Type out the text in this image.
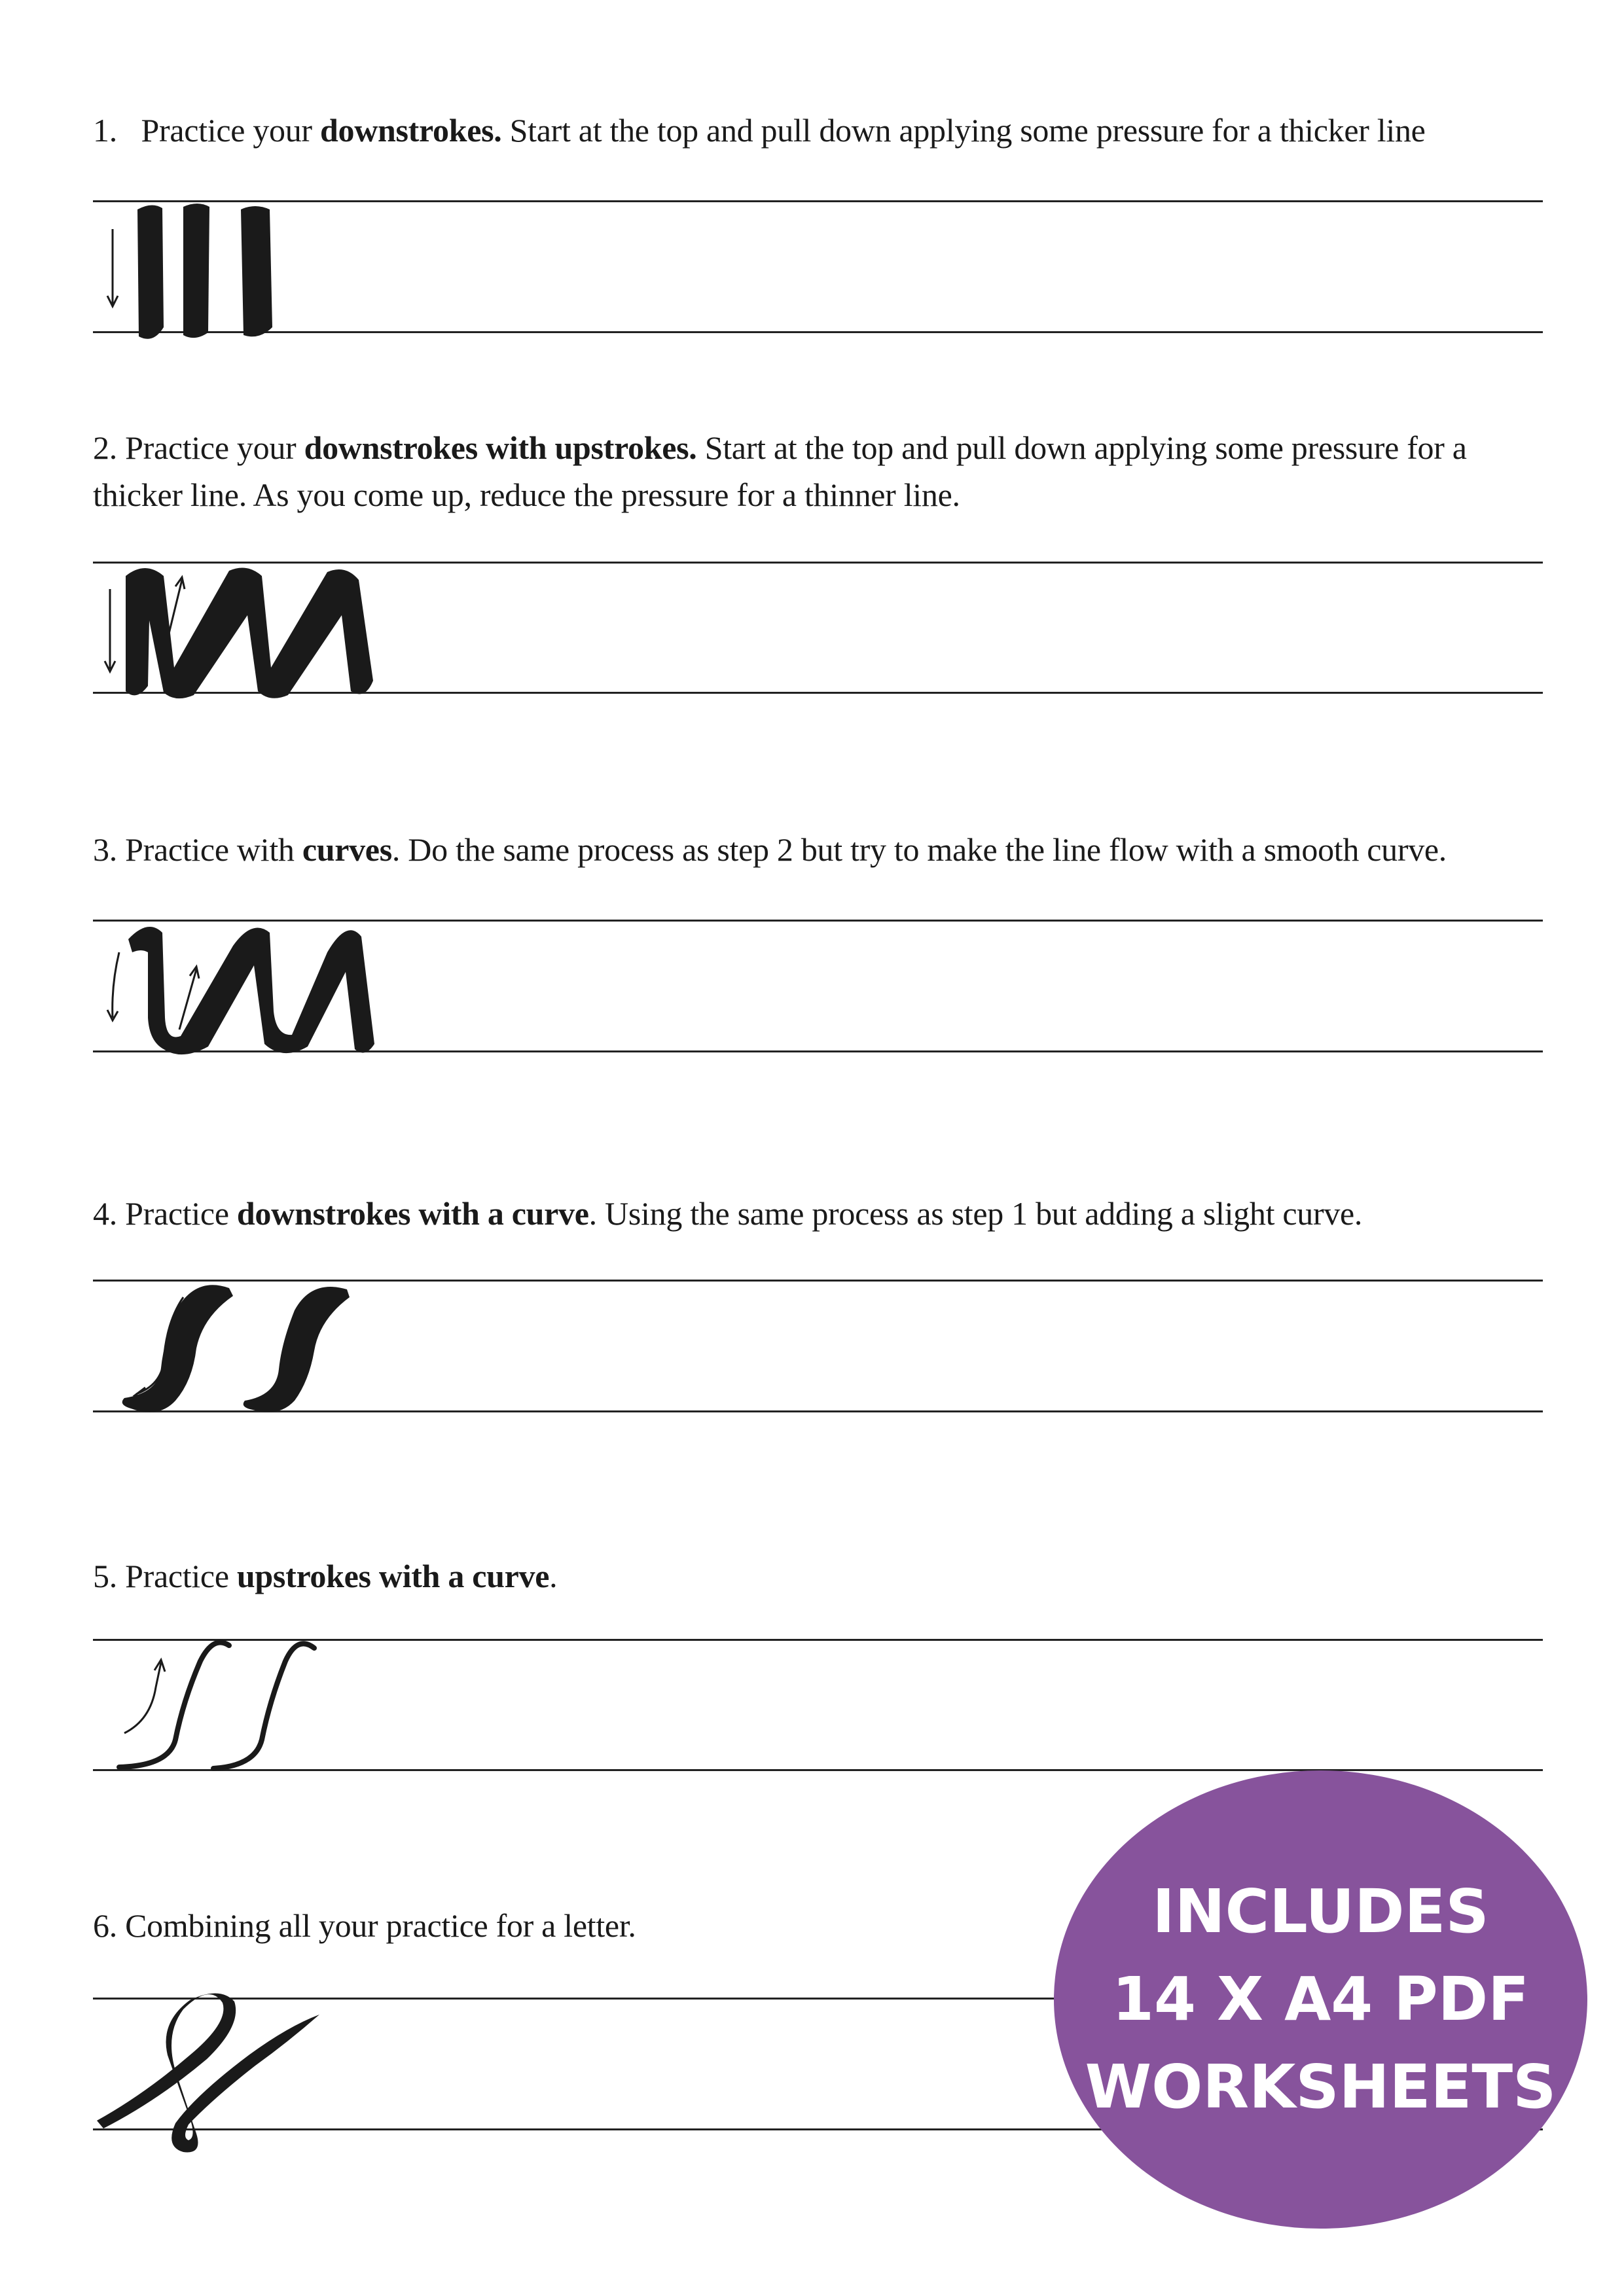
1. Practice your downstrokes. Start at the top and pull down applying some pressure for a thicker line

2. Practice your downstrokes with upstrokes. Start at the top and pull down applying some pressure for a thicker line. As you come up, reduce the pressure for a thinner line.

3. Practice with curves. Do the same process as step 2 but try to make the line flow with a smooth curve.

4. Practice downstrokes with a curve. Using the same process as step 1 but adding a slight curve.

5. Practice upstrokes with a curve.

6. Combining all your practice for a letter.	INCLUDES
14 X A4 PDF
WORKSHEETS
